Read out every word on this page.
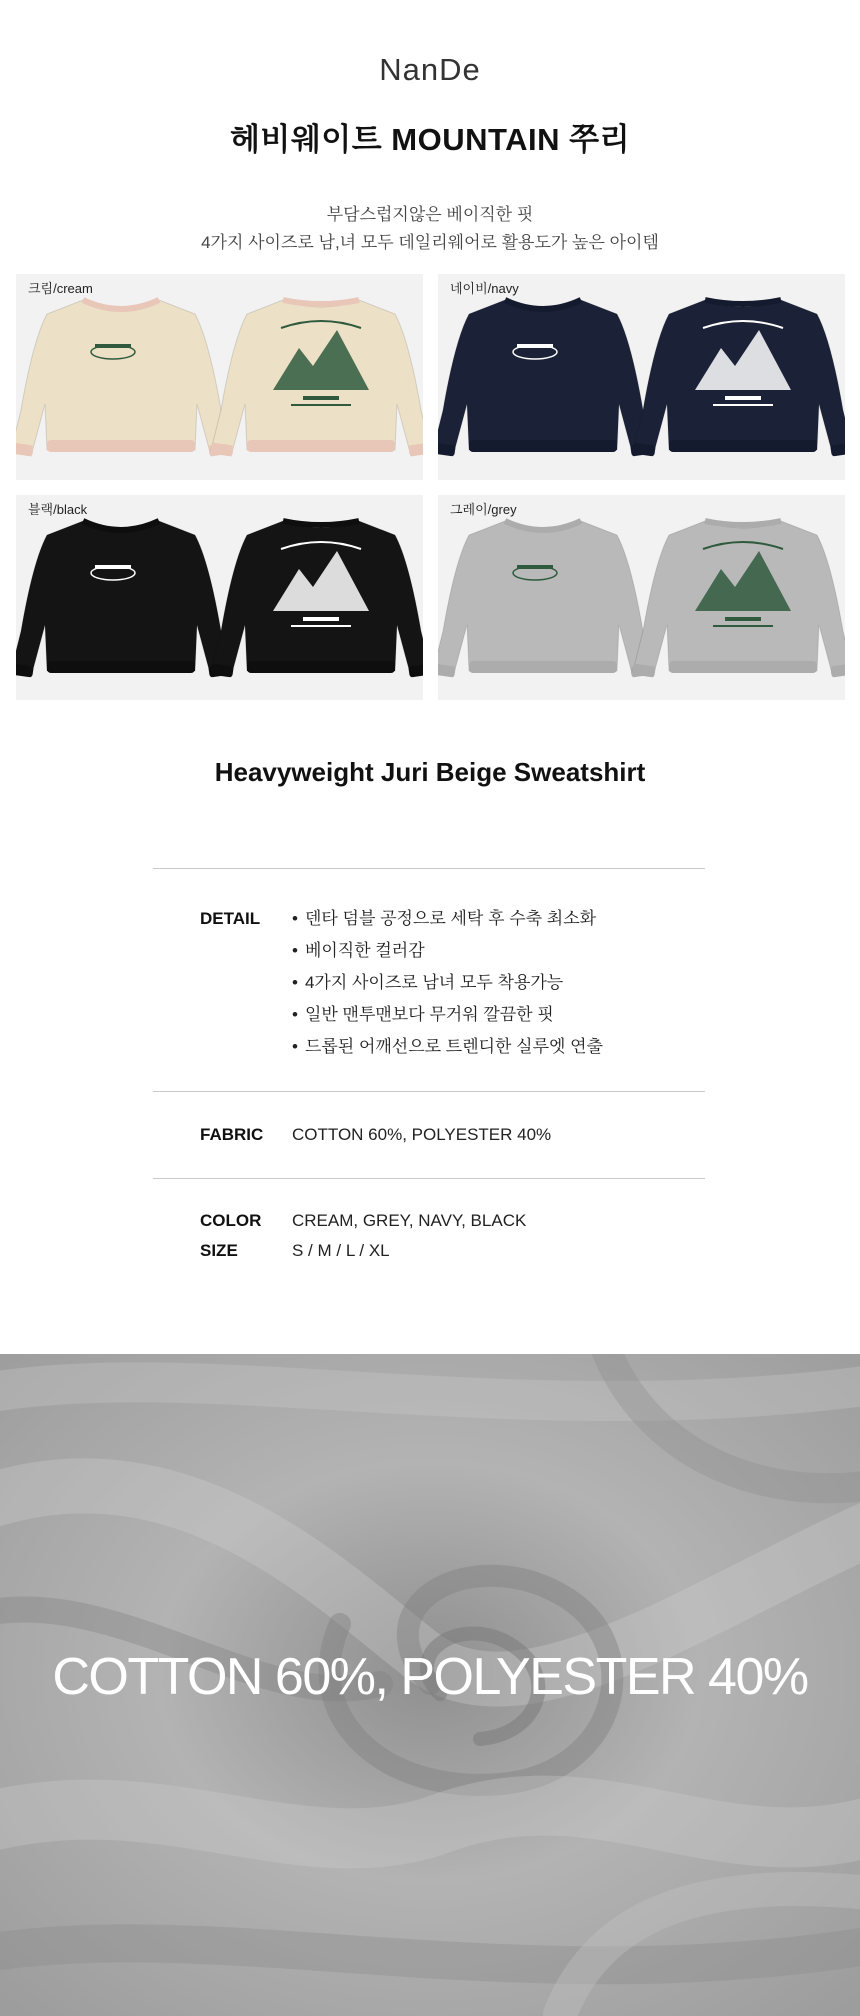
NanDe
헤비웨이트 MOUNTAIN 쭈리
부담스럽지않은 베이직한 핏
4가지 사이즈로 남,녀 모두 데일리웨어로 활용도가 높은 아이템
크림/cream	네이비/navy
블랙/black	그레이/grey
Heavyweight Juri Beige Sweatshirt
DETAIL
•	덴타 덤블 공정으로 세탁 후 수축 최소화
• 베이직한 컬러감
• 4가지 사이즈로 남녀 모두 착용가능
• 일반 맨투맨보다 무거워 깔끔한 핏
• 드롭된 어깨선으로 트렌디한 실루엣 연출
FABRIC	COTTON 60%, POLYESTER 40%
COLOR	CREAM, GREY, NAVY, BLACK
SIZE	S / M / L / XL
COTTON 60%, POLYESTER 40%
